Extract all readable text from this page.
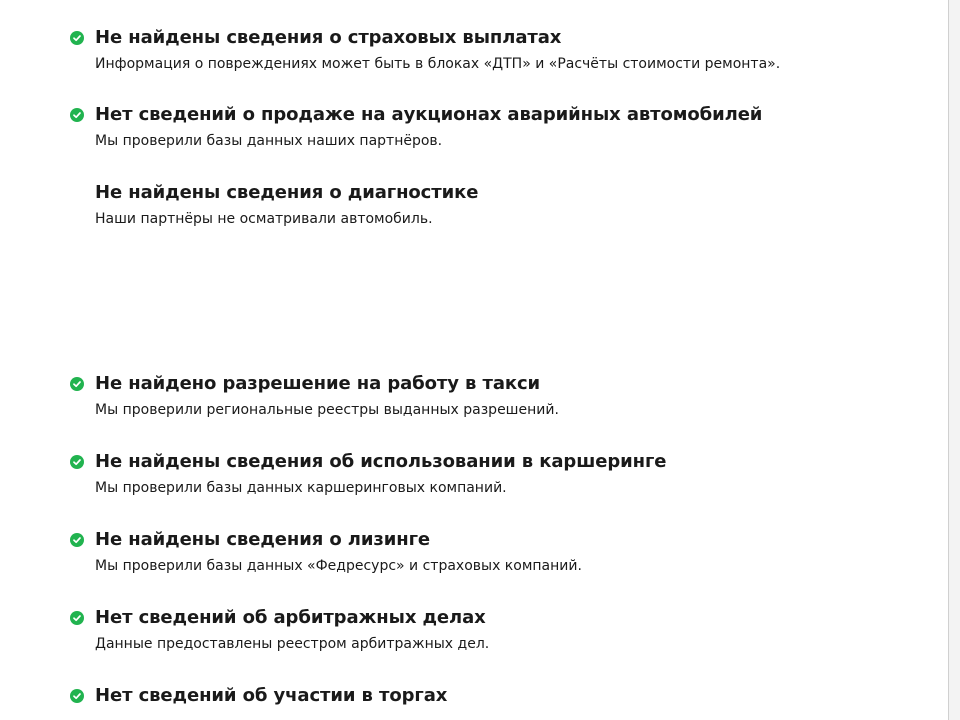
Не найдены сведения о страховых выплатах
Информация о повреждениях может быть в блоках «ДТП» и «Расчёты стоимости ремонта».
Нет сведений о продаже на аукционах аварийных автомобилей
Мы проверили базы данных наших партнёров.
Не найдены сведения о диагностике
Наши партнёры не осматривали автомобиль.
Не найдено разрешение на работу в такси
Мы проверили региональные реестры выданных разрешений.
Не найдены сведения об использовании в каршеринге
Мы проверили базы данных каршеринговых компаний.
Не найдены сведения о лизинге
Мы проверили базы данных «Федресурс» и страховых компаний.
Нет сведений об арбитражных делах
Данные предоставлены реестром арбитражных дел.
Нет сведений об участии в торгах
